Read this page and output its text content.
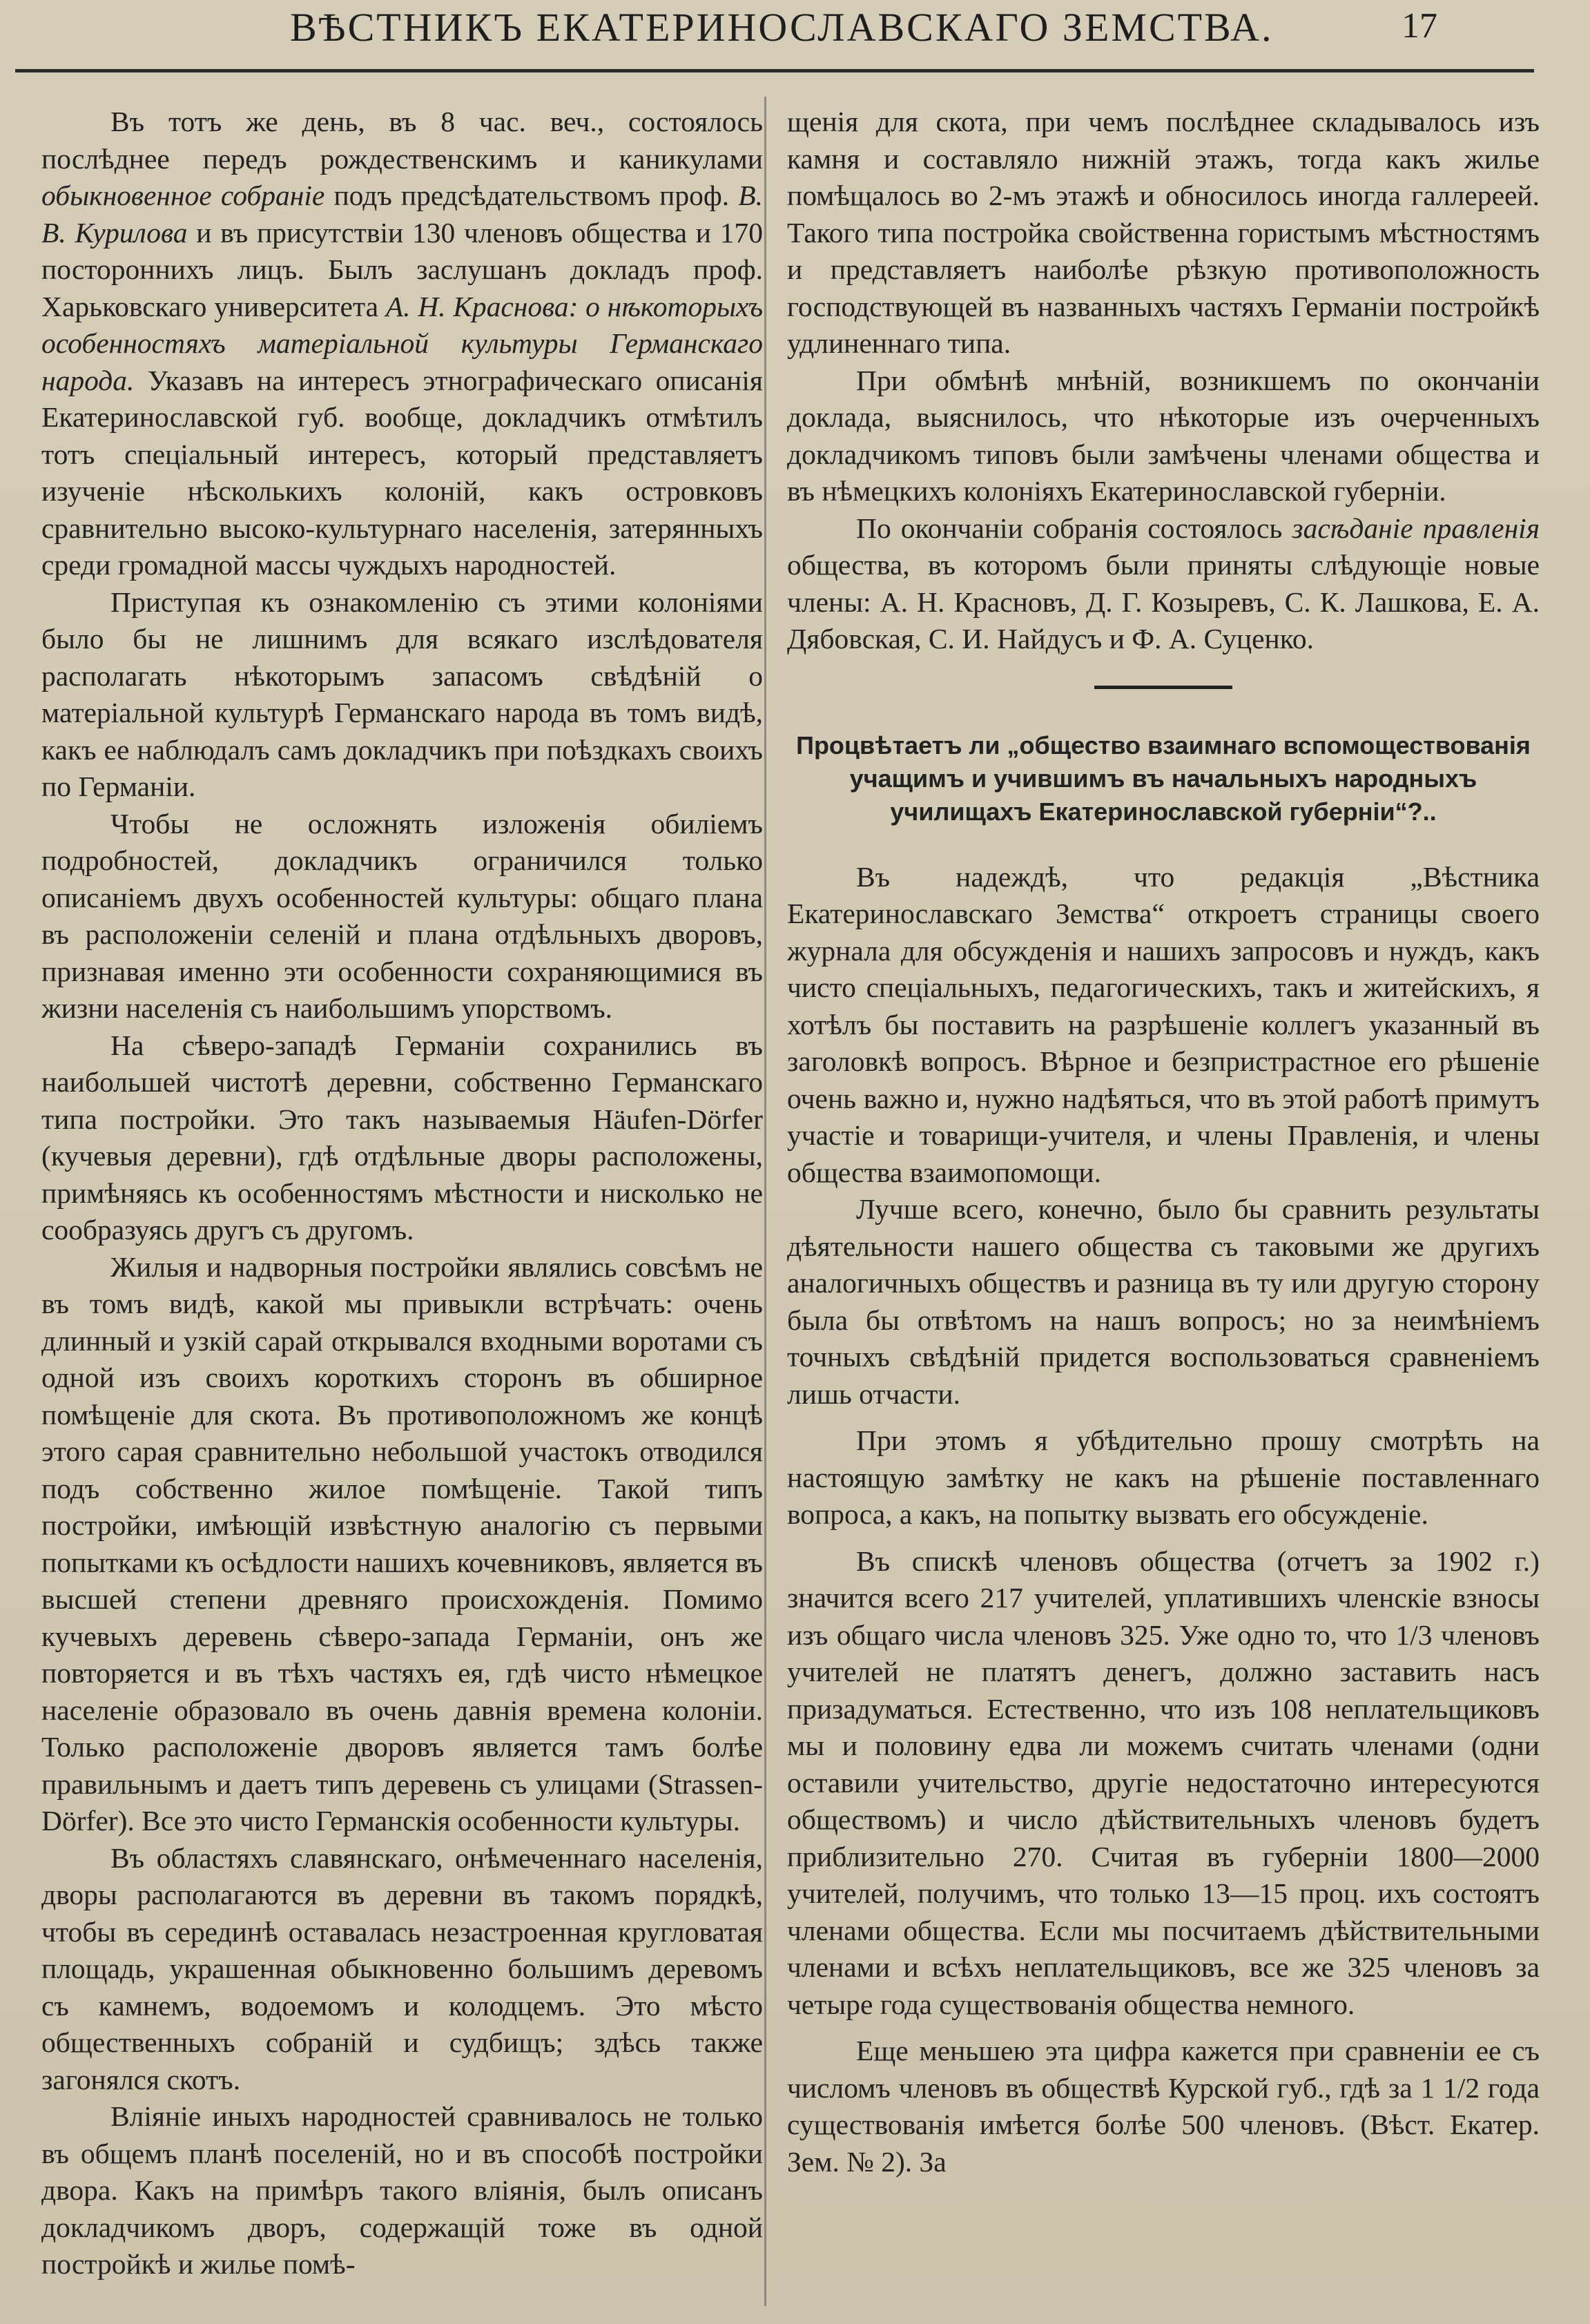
ВѢСТНИКЪ ЕКАТЕРИНОСЛАВСКАГО ЗЕМСТВА.	17

Въ тотъ же день, въ 8 час. веч., состоялось послѣднее передъ рождественскимъ и каникулами обыкновенное собраніе подъ предсѣдательствомъ проф. В. В. Курилова и въ присутствіи 130 членовъ общества и 170 постороннихъ лицъ. Былъ заслушанъ докладъ проф. Харьковскаго университета А. Н. Краснова: о нѣкоторыхъ особенностяхъ матеріальной культуры Германскаго народа. Указавъ на интересъ этнографическаго описанія Екатеринославской губ. вообще, докладчикъ отмѣтилъ тотъ спеціальный интересъ, который представляетъ изученіе нѣсколькихъ колоній, какъ островковъ сравнительно высоко-культурнаго населенія, затерянныхъ среди громадной массы чуждыхъ народностей.

Приступая къ ознакомленію съ этими колоніями было бы не лишнимъ для всякаго изслѣдователя располагать нѣкоторымъ запасомъ свѣдѣній о матеріальной культурѣ Германскаго народа въ томъ видѣ, какъ ее наблюдалъ самъ докладчикъ при поѣздкахъ своихъ по Германіи.

Чтобы не осложнять изложенія обиліемъ подробностей, докладчикъ ограничился только описаніемъ двухъ особенностей культуры: общаго плана въ расположеніи селеній и плана отдѣльныхъ дворовъ, признавая именно эти особенности сохраняющимися въ жизни населенія съ наибольшимъ упорствомъ.

На сѣверо-западѣ Германіи сохранились въ наибольшей чистотѣ деревни, собственно Германскаго типа постройки. Это такъ называемыя Häufen-Dörfer (кучевыя деревни), гдѣ отдѣльные дворы расположены, примѣняясь къ особенностямъ мѣстности и нисколько не сообразуясь другъ съ другомъ.

Жилыя и надворныя постройки являлись совсѣмъ не въ томъ видѣ, какой мы привыкли встрѣчать: очень длинный и узкій сарай открывался входными воротами съ одной изъ своихъ короткихъ сторонъ въ обширное помѣщеніе для скота. Въ противоположномъ же концѣ этого сарая сравнительно небольшой участокъ отводился подъ собственно жилое помѣщеніе. Такой типъ постройки, имѣющій извѣстную аналогію съ первыми попытками къ осѣдлости нашихъ кочевниковъ, является въ высшей степени древняго происхожденія. Помимо кучевыхъ деревень сѣверо-запада Германіи, онъ же повторяется и въ тѣхъ частяхъ ея, гдѣ чисто нѣмецкое населеніе образовало въ очень давнія времена колоніи. Только расположеніе дворовъ является тамъ болѣе правильнымъ и даетъ типъ деревень съ улицами (Strassen-Dörfer). Все это чисто Германскія особенности культуры.

Въ областяхъ славянскаго, онѣмеченнаго населенія, дворы располагаются въ деревни въ такомъ порядкѣ, чтобы въ серединѣ оставалась незастроенная кругловатая площадь, украшенная обыкновенно большимъ деревомъ съ камнемъ, водоемомъ и колодцемъ. Это мѣсто общественныхъ собраній и судбищъ; здѣсь также загонялся скотъ.

Вліяніе иныхъ народностей сравнивалось не только въ общемъ планѣ поселеній, но и въ способѣ постройки двора. Какъ на примѣръ такого вліянія, былъ описанъ докладчикомъ дворъ, содержащій тоже въ одной постройкѣ и жилье помѣ-

щенія для скота, при чемъ послѣднее складывалось изъ камня и составляло нижній этажъ, тогда какъ жилье помѣщалось во 2-мъ этажѣ и обносилось иногда галлереей. Такого типа постройка свойственна гористымъ мѣстностямъ и представляетъ наиболѣе рѣзкую противоположность господствующей въ названныхъ частяхъ Германіи постройкѣ удлиненнаго типа.

При обмѣнѣ мнѣній, возникшемъ по окончаніи доклада, выяснилось, что нѣкоторые изъ очерченныхъ докладчикомъ типовъ были замѣчены членами общества и въ нѣмецкихъ колоніяхъ Екатеринославской губерніи.

По окончаніи собранія состоялось засѣданіе правленія общества, въ которомъ были приняты слѣдующіе новые члены: А. Н. Красновъ, Д. Г. Козыревъ, С. К. Лашкова, Е. А. Дябовская, С. И. Найдусъ и Ф. А. Суценко.

Процвѣтаетъ ли „общество взаимнаго вспомоществованія учащимъ и учившимъ въ начальныхъ народныхъ училищахъ Екатеринославской губерніи“?..

Въ надеждѣ, что редакція „Вѣстника Екатеринославскаго Земства“ откроетъ страницы своего журнала для обсужденія и нашихъ запросовъ и нуждъ, какъ чисто спеціальныхъ, педагогическихъ, такъ и житейскихъ, я хотѣлъ бы поставить на разрѣшеніе коллегъ указанный въ заголовкѣ вопросъ. Вѣрное и безпристрастное его рѣшеніе очень важно и, нужно надѣяться, что въ этой работѣ примутъ участіе и товарищи-учителя, и члены Правленія, и члены общества взаимопомощи.

Лучше всего, конечно, было бы сравнить результаты дѣятельности нашего общества съ таковыми же другихъ аналогичныхъ обществъ и разница въ ту или другую сторону была бы отвѣтомъ на нашъ вопросъ; но за неимѣніемъ точныхъ свѣдѣній придется воспользоваться сравненіемъ лишь отчасти.

При этомъ я убѣдительно прошу смотрѣть на настоящую замѣтку не какъ на рѣшеніе поставленнаго вопроса, а какъ, на попытку вызвать его обсужденіе.

Въ спискѣ членовъ общества (отчетъ за 1902 г.) значится всего 217 учителей, уплатившихъ членскіе взносы изъ общаго числа членовъ 325. Уже одно то, что 1/3 членовъ учителей не платятъ денегъ, должно заставить насъ призадуматься. Естественно, что изъ 108 неплательщиковъ мы и половину едва ли можемъ считать членами (одни оставили учительство, другіе недостаточно интересуются обществомъ) и число дѣйствительныхъ членовъ будетъ приблизительно 270. Считая въ губерніи 1800—2000 учителей, получимъ, что только 13—15 проц. ихъ состоятъ членами общества. Если мы посчитаемъ дѣйствительными членами и всѣхъ неплательщиковъ, все же 325 членовъ за четыре года существованія общества немного.

Еще меньшею эта цифра кажется при сравненіи ее съ числомъ членовъ въ обществѣ Курской губ., гдѣ за 1 1/2 года существованія имѣется болѣе 500 членовъ. (Вѣст. Екатер. Зем. № 2). За
